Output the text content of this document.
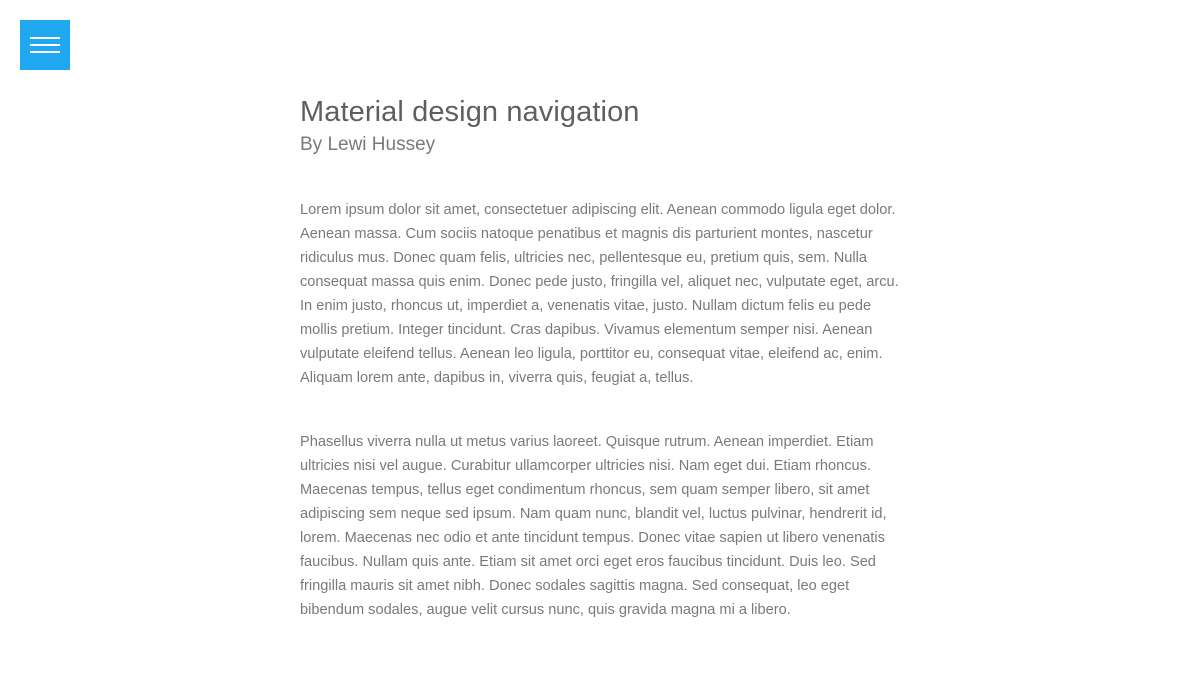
Material design navigation
By Lewi Hussey

Lorem ipsum dolor sit amet, consectetuer adipiscing elit. Aenean commodo ligula eget dolor. Aenean massa. Cum sociis natoque penatibus et magnis dis parturient montes, nascetur ridiculus mus. Donec quam felis, ultricies nec, pellentesque eu, pretium quis, sem. Nulla consequat massa quis enim. Donec pede justo, fringilla vel, aliquet nec, vulputate eget, arcu. In enim justo, rhoncus ut, imperdiet a, venenatis vitae, justo. Nullam dictum felis eu pede mollis pretium. Integer tincidunt. Cras dapibus. Vivamus elementum semper nisi. Aenean vulputate eleifend tellus. Aenean leo ligula, porttitor eu, consequat vitae, eleifend ac, enim. Aliquam lorem ante, dapibus in, viverra quis, feugiat a, tellus.

Phasellus viverra nulla ut metus varius laoreet. Quisque rutrum. Aenean imperdiet. Etiam ultricies nisi vel augue. Curabitur ullamcorper ultricies nisi. Nam eget dui. Etiam rhoncus. Maecenas tempus, tellus eget condimentum rhoncus, sem quam semper libero, sit amet adipiscing sem neque sed ipsum. Nam quam nunc, blandit vel, luctus pulvinar, hendrerit id, lorem. Maecenas nec odio et ante tincidunt tempus. Donec vitae sapien ut libero venenatis faucibus. Nullam quis ante. Etiam sit amet orci eget eros faucibus tincidunt. Duis leo. Sed fringilla mauris sit amet nibh. Donec sodales sagittis magna. Sed consequat, leo eget bibendum sodales, augue velit cursus nunc, quis gravida magna mi a libero.
